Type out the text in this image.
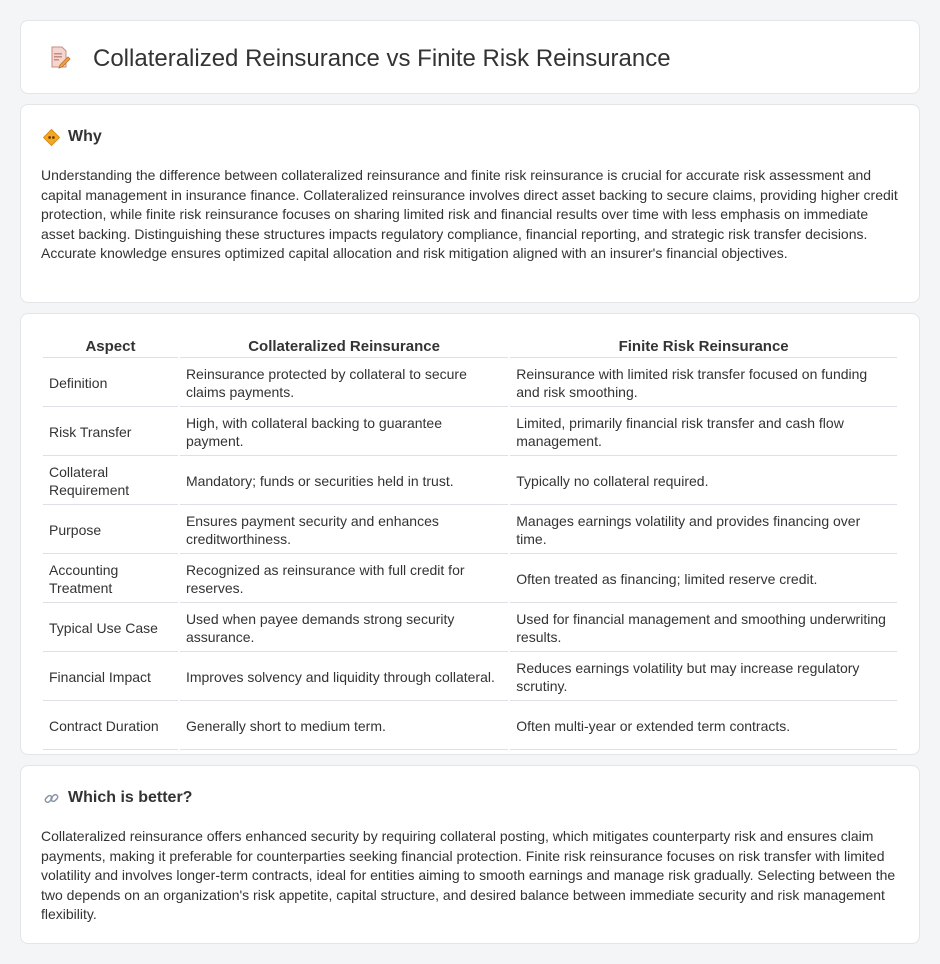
Collateralized Reinsurance vs Finite Risk Reinsurance
Why

Understanding the difference between collateralized reinsurance and finite risk reinsurance is crucial for accurate risk assessment and capital management in insurance finance. Collateralized reinsurance involves direct asset backing to secure claims, providing higher credit protection, while finite risk reinsurance focuses on sharing limited risk and financial results over time with less emphasis on immediate asset backing. Distinguishing these structures impacts regulatory compliance, financial reporting, and strategic risk transfer decisions. Accurate knowledge ensures optimized capital allocation and risk mitigation aligned with an insurer's financial objectives.

Aspect	Collateralized Reinsurance	Finite Risk Reinsurance
Definition	Reinsurance protected by collateral to secure claims payments.	Reinsurance with limited risk transfer focused on funding and risk smoothing.
Risk Transfer	High, with collateral backing to guarantee payment.	Limited, primarily financial risk transfer and cash flow management.
Collateral Requirement	Mandatory; funds or securities held in trust.	Typically no collateral required.
Purpose	Ensures payment security and enhances creditworthiness.	Manages earnings volatility and provides financing over time.
Accounting Treatment	Recognized as reinsurance with full credit for reserves.	Often treated as financing; limited reserve credit.
Typical Use Case	Used when payee demands strong security assurance.	Used for financial management and smoothing underwriting results.
Financial Impact	Improves solvency and liquidity through collateral.	Reduces earnings volatility but may increase regulatory scrutiny.
Contract Duration	Generally short to medium term.	Often multi-year or extended term contracts.
Which is better?

Collateralized reinsurance offers enhanced security by requiring collateral posting, which mitigates counterparty risk and ensures claim payments, making it preferable for counterparties seeking financial protection. Finite risk reinsurance focuses on risk transfer with limited volatility and involves longer-term contracts, ideal for entities aiming to smooth earnings and manage risk gradually. Selecting between the two depends on an organization's risk appetite, capital structure, and desired balance between immediate security and risk management flexibility.
